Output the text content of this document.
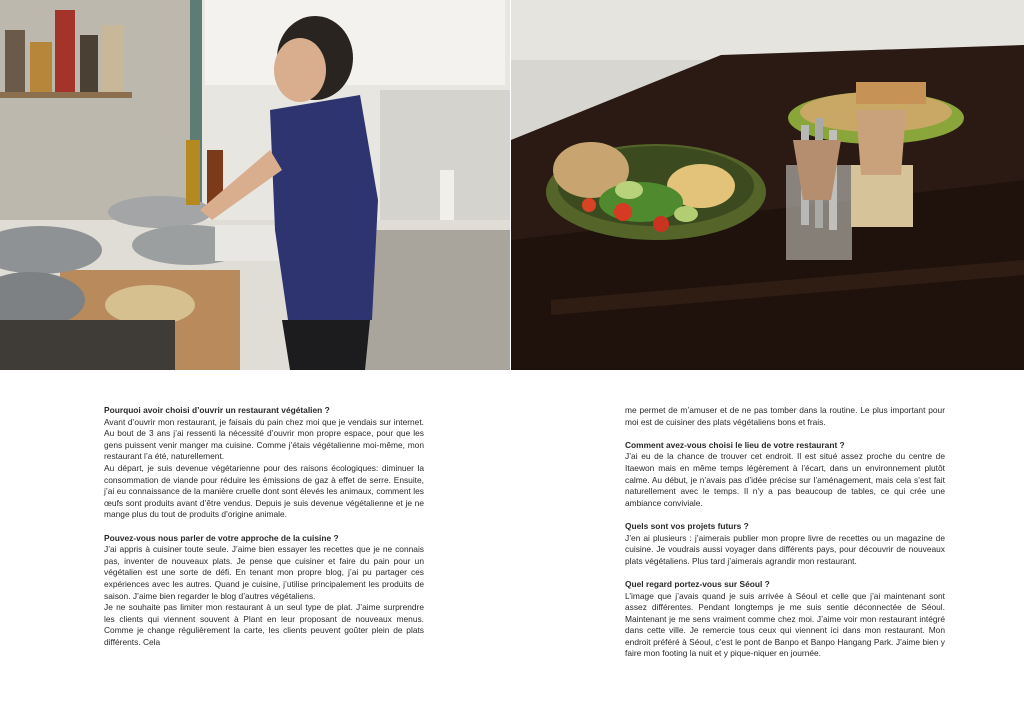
Pourquoi avoir choisi d’ouvrir un restaurant végétalien ?
Avant d’ouvrir mon restaurant, je faisais du pain chez moi que je vendais sur internet. Au bout de 3 ans j’ai ressenti la nécessité d’ouvrir mon propre espace, pour que les gens puissent venir manger ma cuisine. Comme j’étais végétalienne moi-même, mon restaurant l’a été, naturellement.
Au départ, je suis devenue végétarienne pour des raisons écologiques: diminuer la consommation de viande pour réduire les émissions de gaz à effet de serre. Ensuite, j’ai eu connaissance de la manière cruelle dont sont élevés les animaux, comment les œufs sont produits avant d’être vendus. Depuis je suis devenue végétalienne et je ne mange plus du tout de produits d’origine animale.
Pouvez-vous nous parler de votre approche de la cuisine ?
J’ai appris à cuisiner toute seule. J’aime bien essayer les recettes que je ne connais pas, inventer de nouveaux plats. Je pense que cuisiner et faire du pain pour un végétalien est une sorte de défi. En tenant mon propre blog, j’ai pu partager ces expériences avec les autres. Quand je cuisine, j’utilise principalement les produits de saison. J’aime bien regarder le blog d’autres végétaliens.
Je ne souhaite pas limiter mon restaurant à un seul type de plat. J’aime surprendre les clients qui viennent souvent à Plant en leur proposant de nouveaux menus. Comme je change régulièrement la carte, les clients peuvent goûter plein de plats différents. Cela
me permet de m’amuser et de ne pas tomber dans la routine. Le plus important pour moi est de cuisiner des plats végétaliens bons et frais.
Comment avez-vous choisi le lieu de votre restaurant ?
J’ai eu de la chance de trouver cet endroit. Il est situé assez proche du centre de Itaewon mais en même temps légèrement à l’écart, dans un environnement plutôt calme. Au début, je n’avais pas d’idée précise sur l’aménagement, mais cela s’est fait naturellement avec le temps. Il n’y a pas beaucoup de tables, ce qui crée une ambiance conviviale.
Quels sont vos projets futurs ?
J’en ai plusieurs : j’aimerais publier mon propre livre de recettes ou un magazine de cuisine. Je voudrais aussi voyager dans différents pays, pour découvrir de nouveaux plats végétaliens. Plus tard j’aimerais agrandir mon restaurant.
Quel regard portez-vous sur Séoul ?
L’image que j’avais quand je suis arrivée à Séoul et celle que j’ai maintenant sont assez différentes. Pendant longtemps je me suis sentie déconnectée de Séoul. Maintenant je me sens vraiment comme chez moi. J’aime voir mon restaurant intégré dans cette ville. Je remercie tous ceux qui viennent ici dans mon restaurant. Mon endroit préféré à Séoul, c’est le pont de Banpo et Banpo Hangang Park. J’aime bien y faire mon footing la nuit et y pique-niquer en journée.
